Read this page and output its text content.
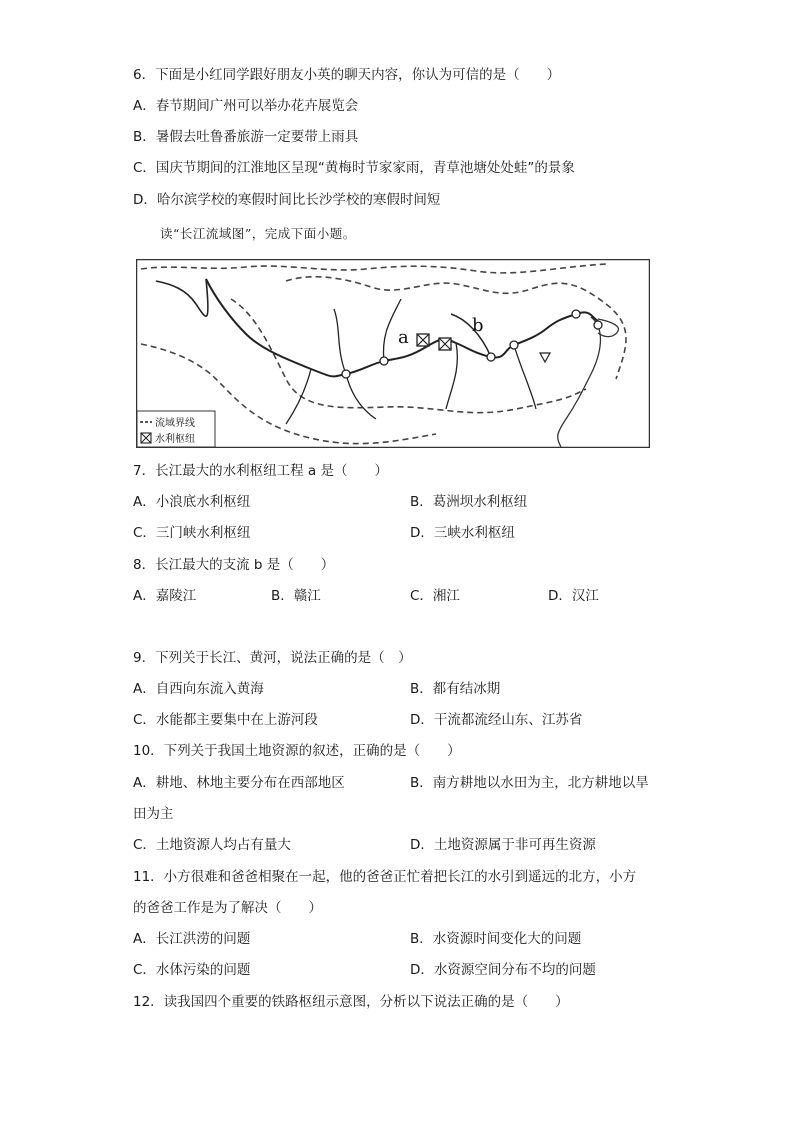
6．下面是小红同学跟好朋友小英的聊天内容，你认为可信的是（　　）
A．春节期间广州可以举办花卉展览会
B．暑假去吐鲁番旅游一定要带上雨具
C．国庆节期间的江淮地区呈现“黄梅时节家家雨，青草池塘处处蛙”的景象
D．哈尔滨学校的寒假时间比长沙学校的寒假时间短
读“长江流域图”，完成下面小题。
a
b
流域界线
水利枢纽
7．长江最大的水利枢纽工程 a 是（　　）
A．小浪底水利枢纽	B．葛洲坝水利枢纽
C．三门峡水利枢纽	D．三峡水利枢纽
8．长江最大的支流 b 是（　　）
A．嘉陵江	B．赣江	C．湘江	D．汉江
9．下列关于长江、黄河，说法正确的是（　）
A．自西向东流入黄海	B．都有结冰期
C．水能都主要集中在上游河段	D．干流都流经山东、江苏省
10．下列关于我国土地资源的叙述，正确的是（　　）
A．耕地、林地主要分布在西部地区	B．南方耕地以水田为主，北方耕地以旱
田为主
C．土地资源人均占有量大	D．土地资源属于非可再生资源
11．小方很难和爸爸相聚在一起，他的爸爸正忙着把长江的水引到遥远的北方，小方
的爸爸工作是为了解决（　　）
A．长江洪涝的问题	B．水资源时间变化大的问题
C．水体污染的问题	D．水资源空间分布不均的问题
12．读我国四个重要的铁路枢纽示意图，分析以下说法正确的是（　　）
